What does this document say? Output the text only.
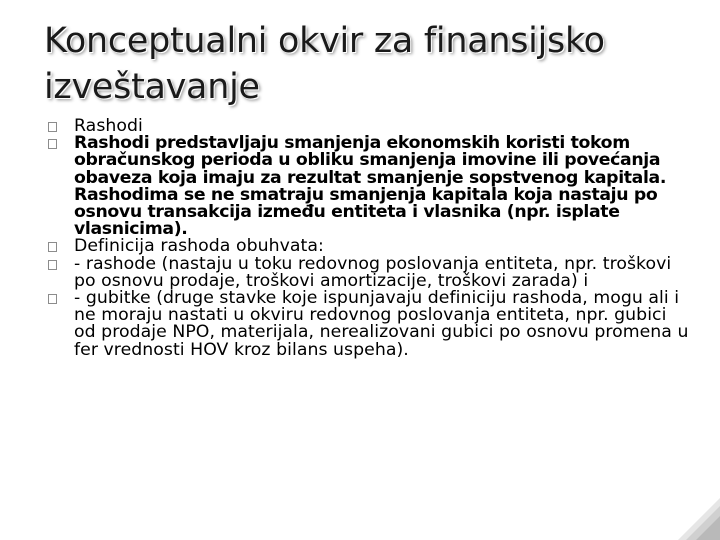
Konceptualni okvir za finansijsko
izveštavanje
Rashodi
Rashodi predstavljaju smanjenja ekonomskih koristi tokom obračunskog perioda u obliku smanjenja imovine ili povećanja obaveza koja imaju za rezultat smanjenje sopstvenog kapitala. Rashodima se ne smatraju smanjenja kapitala koja nastaju po osnovu transakcija između entiteta i vlasnika (npr. isplate vlasnicima).
Definicija rashoda obuhvata:
- rashode (nastaju u toku redovnog poslovanja entiteta, npr. troškovi po osnovu prodaje, troškovi amortizacije, troškovi zarada) i
- gubitke (druge stavke koje ispunjavaju definiciju rashoda, mogu ali i ne moraju nastati u okviru redovnog poslovanja entiteta, npr. gubici od prodaje NPO, materijala, nerealizovani gubici po osnovu promena u fer vrednosti HOV kroz bilans uspeha).
